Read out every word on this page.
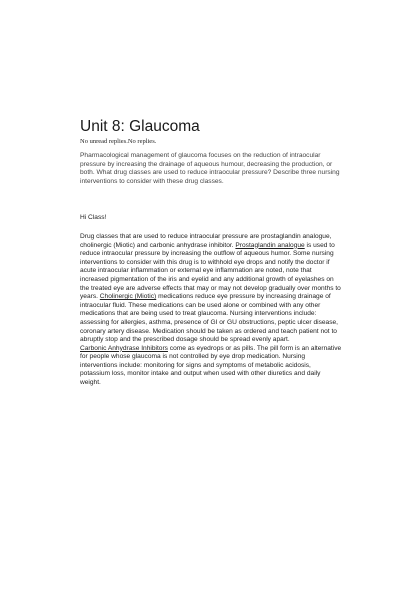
Unit 8: Glaucoma
No unread replies.No replies.
Pharmacological management of glaucoma focuses on the reduction of intraocular pressure by increasing the drainage of aqueous humour, decreasing the production, or both. What drug classes are used to reduce intraocular pressure? Describe three nursing interventions to consider with these drug classes.
Hi Class!

Drug classes that are used to reduce intraocular pressure are prostaglandin analogue, cholinergic (Miotic) and carbonic anhydrase inhibitor. Prostaglandin analogue is used to reduce intraocular pressure by increasing the outflow of aqueous humor. Some nursing interventions to consider with this drug is to withhold eye drops and notify the doctor if acute intraocular inflammation or external eye inflammation are noted, note that increased pigmentation of the iris and eyelid and any additional growth of eyelashes on the treated eye are adverse effects that may or may not develop gradually over months to years. Cholinergic (Miotic) medications reduce eye pressure by increasing drainage of intraocular fluid. These medications can be used alone or combined with any other medications that are being used to treat glaucoma. Nursing interventions include: assessing for allergies, asthma, presence of GI or GU obstructions, peptic ulcer disease, coronary artery disease. Medication should be taken as ordered and teach patient not to abruptly stop and the prescribed dosage should be spread evenly apart.

Carbonic Anhydrase Inhibitors come as eyedrops or as pills. The pill form is an alternative for people whose glaucoma is not controlled by eye drop medication. Nursing interventions include: monitoring for signs and symptoms of metabolic acidosis, potassium loss, monitor intake and output when used with other diuretics and daily weight.
